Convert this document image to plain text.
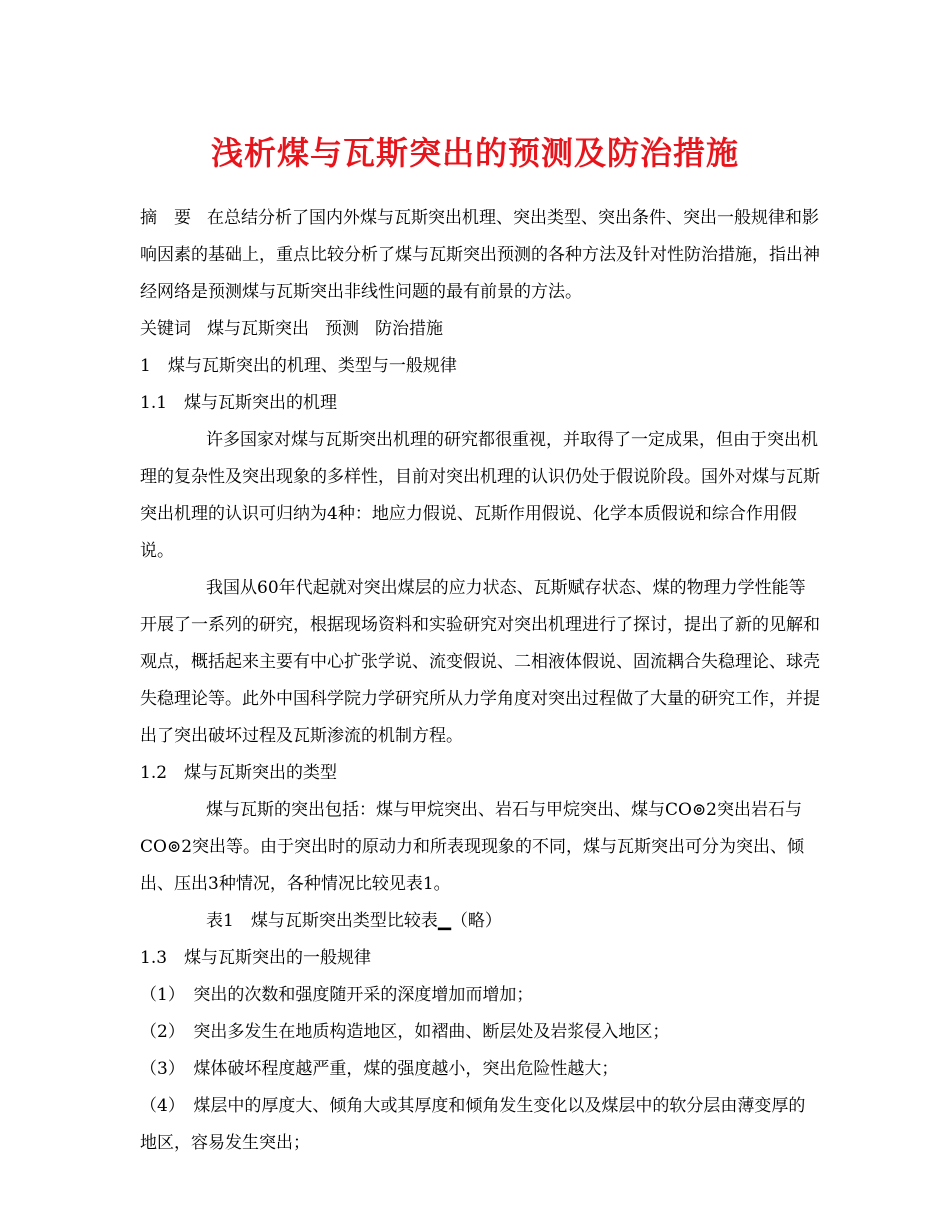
浅析煤与瓦斯突出的预测及防治措施

摘　要 在总结分析了国内外煤与瓦斯突出机理、突出类型、突出条件、突出一般规律和影响因素的基础上，重点比较分析了煤与瓦斯突出预测的各种方法及针对性防治措施，指出神经网络是预测煤与瓦斯突出非线性问题的最有前景的方法。

关键词 煤与瓦斯突出 预测 防治措施

1　煤与瓦斯突出的机理、类型与一般规律

1.1　煤与瓦斯突出的机理

许多国家对煤与瓦斯突出机理的研究都很重视，并取得了一定成果，但由于突出机理的复杂性及突出现象的多样性，目前对突出机理的认识仍处于假说阶段。国外对煤与瓦斯突出机理的认识可归纳为4种：地应力假说、瓦斯作用假说、化学本质假说和综合作用假说。

我国从60年代起就对突出煤层的应力状态、瓦斯赋存状态、煤的物理力学性能等开展了一系列的研究，根据现场资料和实验研究对突出机理进行了探讨，提出了新的见解和观点，概括起来主要有中心扩张学说、流变假说、二相液体假说、固流耦合失稳理论、球壳失稳理论等。此外中国科学院力学研究所从力学角度对突出过程做了大量的研究工作，并提出了突出破坏过程及瓦斯渗流的机制方程。

1.2　煤与瓦斯突出的类型

煤与瓦斯的突出包括：煤与甲烷突出、岩石与甲烷突出、煤与CO⊚2突出岩石与CO⊚2突出等。由于突出时的原动力和所表现现象的不同，煤与瓦斯突出可分为突出、倾出、压出3种情况，各种情况比较见表1。

表1　煤与瓦斯突出类型比较表▁（略）

1.3　煤与瓦斯突出的一般规律

（1）　突出的次数和强度随开采的深度增加而增加；

（2）　突出多发生在地质构造地区，如褶曲、断层处及岩浆侵入地区；

（3）　煤体破坏程度越严重，煤的强度越小，突出危险性越大；

（4）　煤层中的厚度大、倾角大或其厚度和倾角发生变化以及煤层中的软分层由薄变厚的地区，容易发生突出；
